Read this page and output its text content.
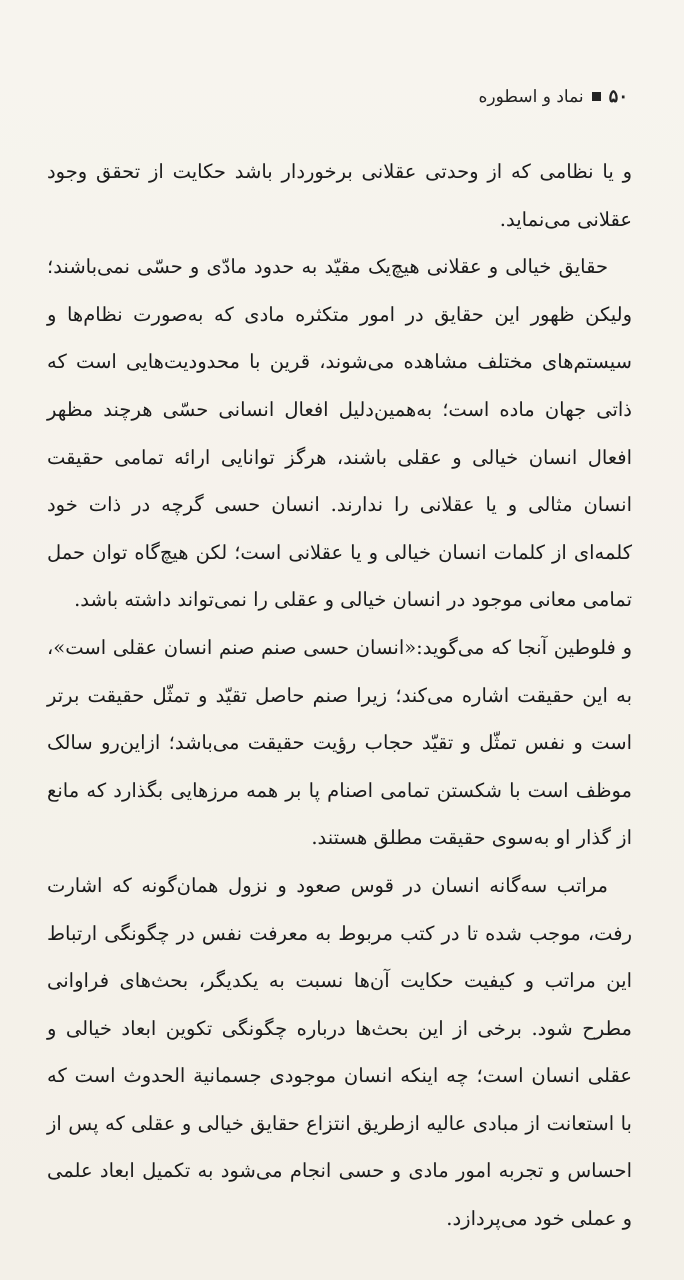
۵۰
نماد و اسطوره

و یا نظامی که از وحدتی عقلانی برخوردار باشد حکایت از تحقق وجود عقلانی می‌نماید.

حقایق خیالی و عقلانی هیچ‌یک مقیّد به حدود مادّی و حسّی نمی‌باشند؛ ولیکن ظهور این حقایق در امور متکثره مادی که به‌صورت نظام‌ها و سیستم‌های مختلف مشاهده می‌شوند، قرین با محدودیت‌هایی است که ذاتی جهان ماده است؛ به‌همین‌دلیل افعال انسانی حسّی هرچند مظهر افعال انسان خیالی و عقلی باشند، هرگز توانایی ارائه تمامی حقیقت انسان مثالی و یا عقلانی را ندارند. انسان حسی گرچه در ذات خود کلمه‌ای از کلمات انسان خیالی و یا عقلانی است؛ لکن هیچ‌گاه توان حمل تمامی معانی موجود در انسان خیالی و عقلی را نمی‌تواند داشته باشد.

و فلوطین آنجا که می‌گوید:«انسان حسی صنم صنم انسان عقلی است»، به این حقیقت اشاره می‌کند؛ زیرا صنم حاصل تقیّد و تمثّل حقیقت برتر است و نفس تمثّل و تقیّد حجاب رؤیت حقیقت می‌باشد؛ ازاین‌رو سالک موظف است با شکستن تمامی اصنام پا بر همه مرزهایی بگذارد که مانع از گذار او به‌سوی حقیقت مطلق هستند.

مراتب سه‌گانه انسان در قوس صعود و نزول همان‌گونه که اشارت رفت، موجب شده تا در کتب مربوط به معرفت نفس در چگونگی ارتباط این مراتب و کیفیت حکایت آن‌ها نسبت به یکدیگر، بحث‌های فراوانی مطرح شود. برخی از این بحث‌ها درباره چگونگی تکوین ابعاد خیالی و عقلی انسان است؛ چه اینکه انسان موجودی جسمانیة الحدوث است که با استعانت از مبادی عالیه ازطریق انتزاع حقایق خیالی و عقلی که پس از احساس و تجربه امور مادی و حسی انجام می‌شود به تکمیل ابعاد علمی و عملی خود می‌پردازد.
